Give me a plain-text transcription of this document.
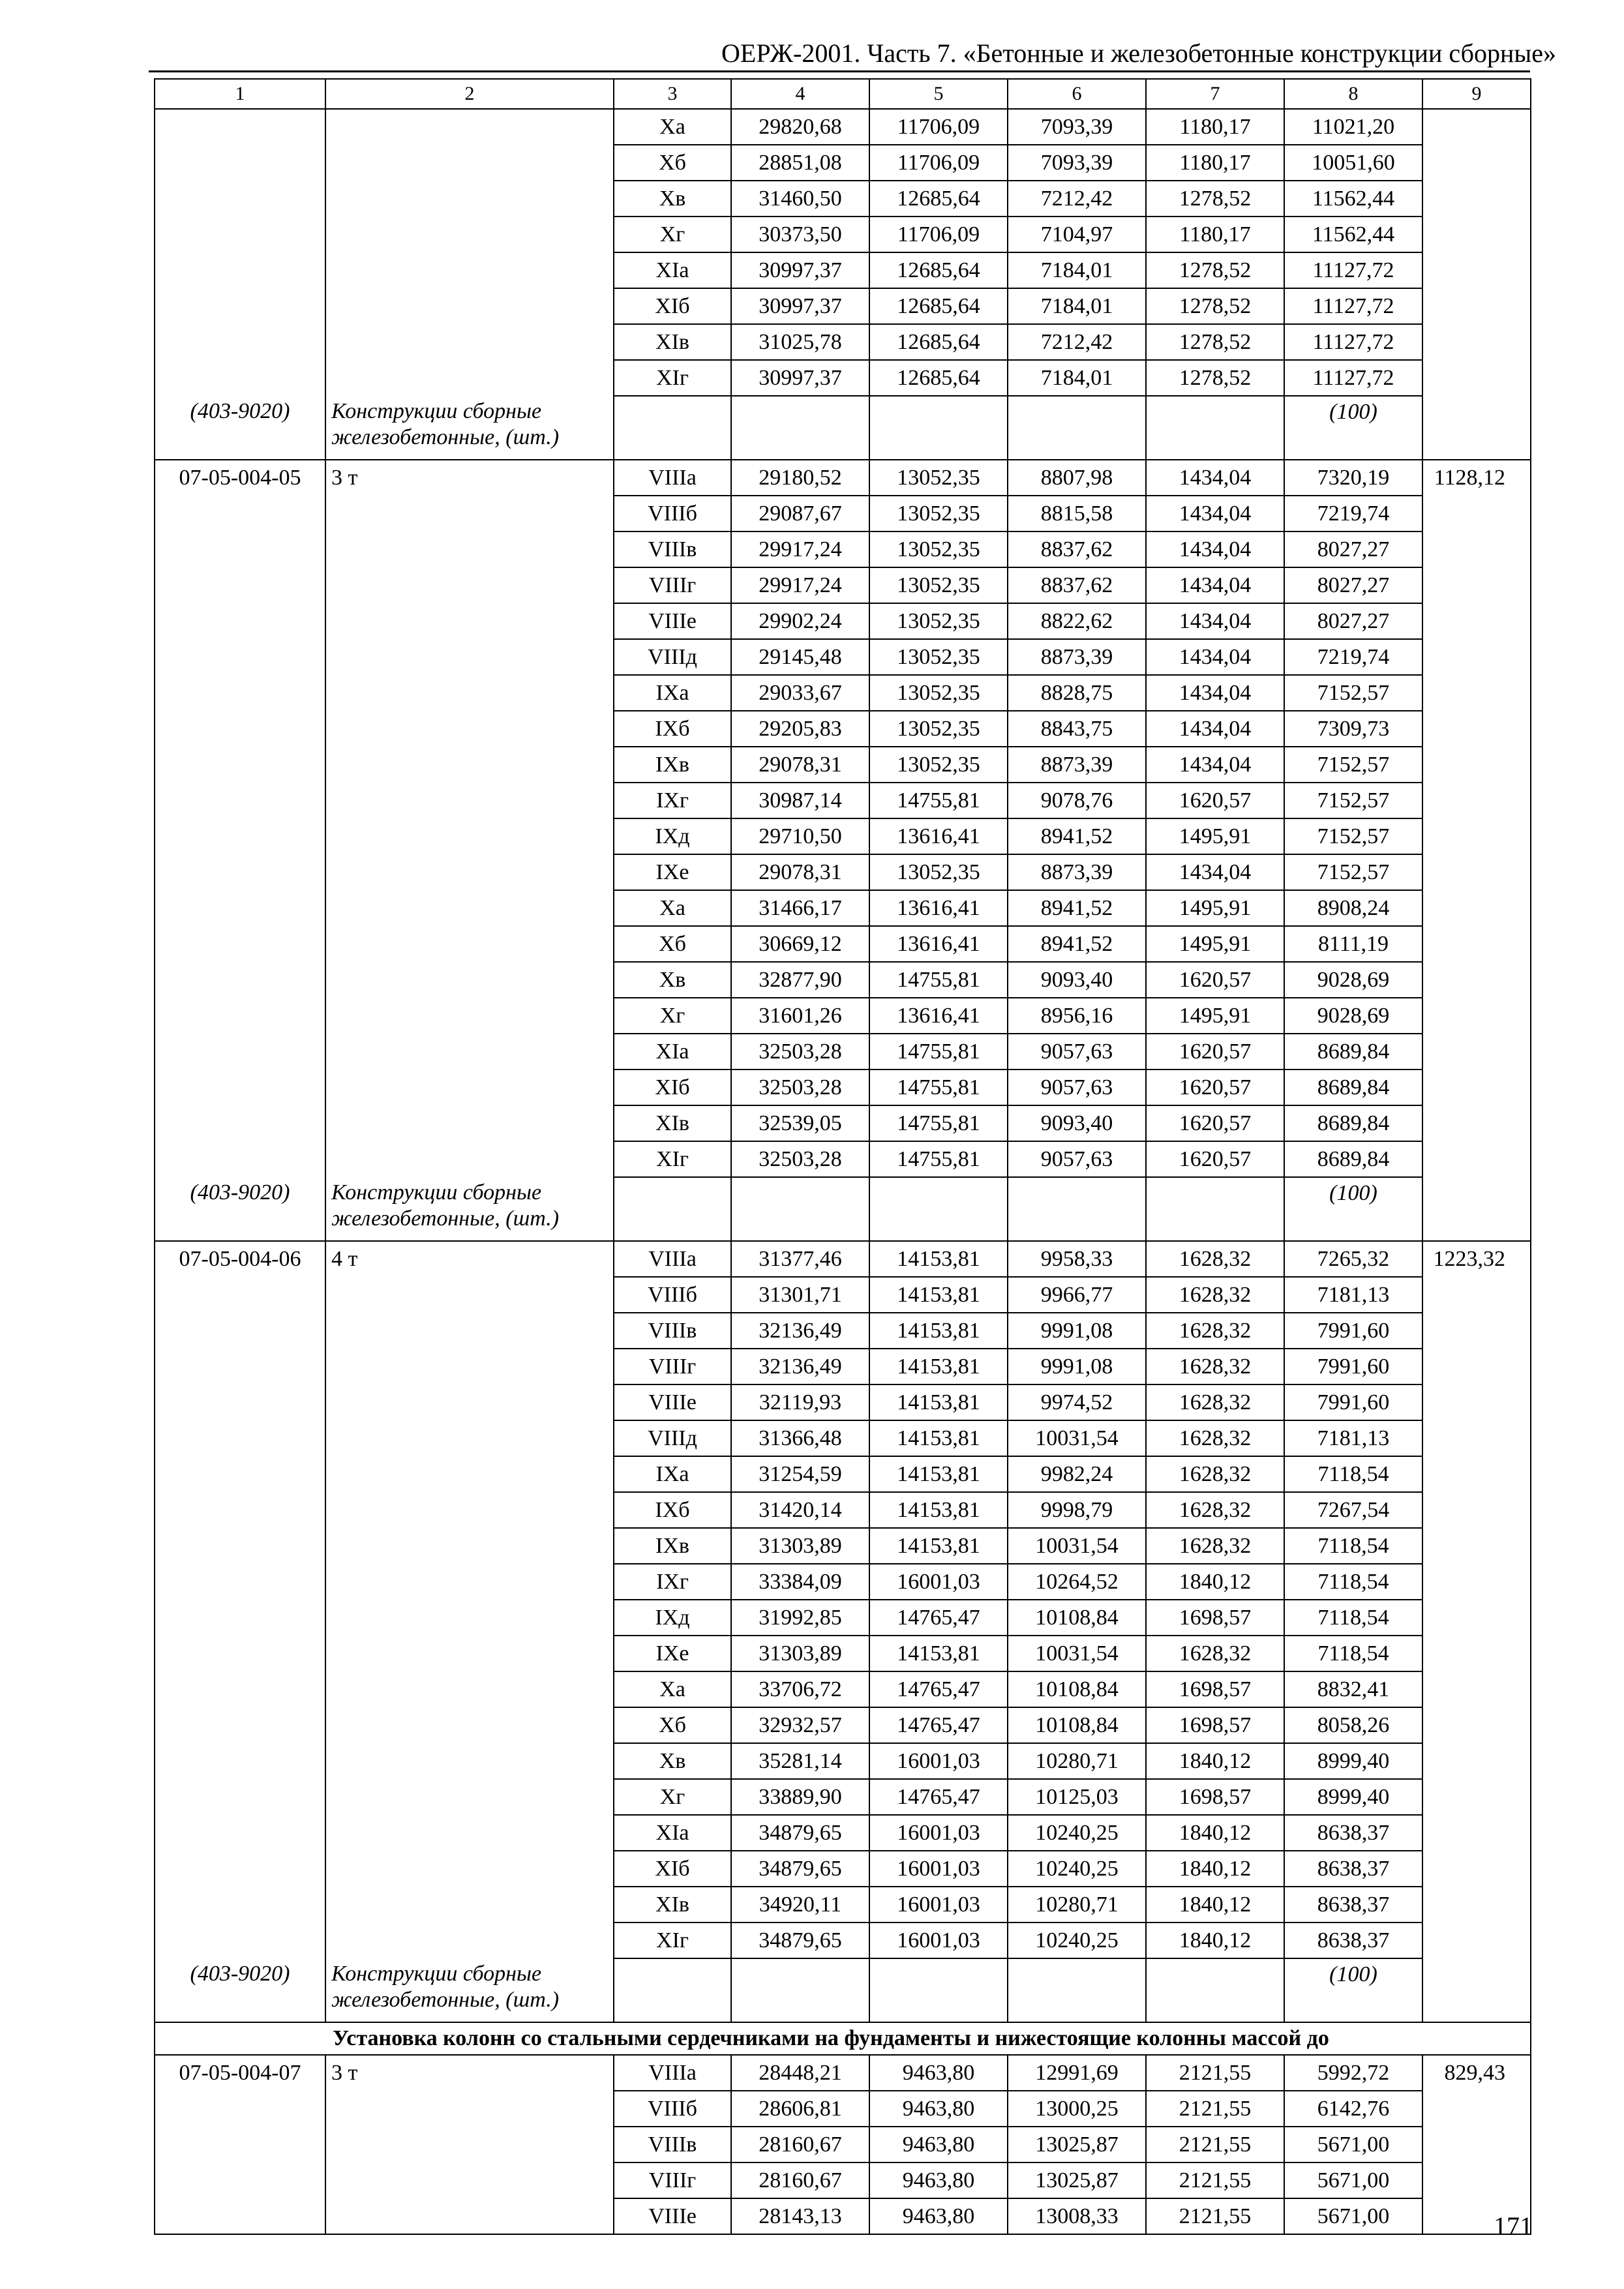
ОЕРЖ-2001. Часть 7. «Бетонные и железобетонные конструкции сборные»
1	2	3	4	5	6	7	8	9
		Xa	29820,68	11706,09	7093,39	1180,17	11021,20	
		Xб	28851,08	11706,09	7093,39	1180,17	10051,60	
		Xв	31460,50	12685,64	7212,42	1278,52	11562,44	
		Xг	30373,50	11706,09	7104,97	1180,17	11562,44	
		XIa	30997,37	12685,64	7184,01	1278,52	11127,72	
		XIб	30997,37	12685,64	7184,01	1278,52	11127,72	
		XIв	31025,78	12685,64	7212,42	1278,52	11127,72	
		XIг	30997,37	12685,64	7184,01	1278,52	11127,72	
(403-9020)	Конструкции сборные железобетонные, (шт.)						(100)	
07-05-004-05	3 т	VIIIa	29180,52	13052,35	8807,98	1434,04	7320,19	1128,12
		VIIIб	29087,67	13052,35	8815,58	1434,04	7219,74	
		VIIIв	29917,24	13052,35	8837,62	1434,04	8027,27	
		VIIIг	29917,24	13052,35	8837,62	1434,04	8027,27	
		VIIIe	29902,24	13052,35	8822,62	1434,04	8027,27	
		VIIIд	29145,48	13052,35	8873,39	1434,04	7219,74	
		IXa	29033,67	13052,35	8828,75	1434,04	7152,57	
		IXб	29205,83	13052,35	8843,75	1434,04	7309,73	
		IXв	29078,31	13052,35	8873,39	1434,04	7152,57	
		IXг	30987,14	14755,81	9078,76	1620,57	7152,57	
		IXд	29710,50	13616,41	8941,52	1495,91	7152,57	
		IXe	29078,31	13052,35	8873,39	1434,04	7152,57	
		Xa	31466,17	13616,41	8941,52	1495,91	8908,24	
		Xб	30669,12	13616,41	8941,52	1495,91	8111,19	
		Xв	32877,90	14755,81	9093,40	1620,57	9028,69	
		Xг	31601,26	13616,41	8956,16	1495,91	9028,69	
		XIa	32503,28	14755,81	9057,63	1620,57	8689,84	
		XIб	32503,28	14755,81	9057,63	1620,57	8689,84	
		XIв	32539,05	14755,81	9093,40	1620,57	8689,84	
		XIг	32503,28	14755,81	9057,63	1620,57	8689,84	
(403-9020)	Конструкции сборные железобетонные, (шт.)						(100)	
07-05-004-06	4 т	VIIIa	31377,46	14153,81	9958,33	1628,32	7265,32	1223,32
		VIIIб	31301,71	14153,81	9966,77	1628,32	7181,13	
		VIIIв	32136,49	14153,81	9991,08	1628,32	7991,60	
		VIIIг	32136,49	14153,81	9991,08	1628,32	7991,60	
		VIIIe	32119,93	14153,81	9974,52	1628,32	7991,60	
		VIIIд	31366,48	14153,81	10031,54	1628,32	7181,13	
		IXa	31254,59	14153,81	9982,24	1628,32	7118,54	
		IXб	31420,14	14153,81	9998,79	1628,32	7267,54	
		IXв	31303,89	14153,81	10031,54	1628,32	7118,54	
		IXг	33384,09	16001,03	10264,52	1840,12	7118,54	
		IXд	31992,85	14765,47	10108,84	1698,57	7118,54	
		IXe	31303,89	14153,81	10031,54	1628,32	7118,54	
		Xa	33706,72	14765,47	10108,84	1698,57	8832,41	
		Xб	32932,57	14765,47	10108,84	1698,57	8058,26	
		Xв	35281,14	16001,03	10280,71	1840,12	8999,40	
		Xг	33889,90	14765,47	10125,03	1698,57	8999,40	
		XIa	34879,65	16001,03	10240,25	1840,12	8638,37	
		XIб	34879,65	16001,03	10240,25	1840,12	8638,37	
		XIв	34920,11	16001,03	10280,71	1840,12	8638,37	
		XIг	34879,65	16001,03	10240,25	1840,12	8638,37	
(403-9020)	Конструкции сборные железобетонные, (шт.)						(100)	
Установка колонн со стальными сердечниками на фундаменты и нижестоящие колонны массой до								
07-05-004-07	3 т	VIIIa	28448,21	9463,80	12991,69	2121,55	5992,72	829,43
		VIIIб	28606,81	9463,80	13000,25	2121,55	6142,76	
		VIIIв	28160,67	9463,80	13025,87	2121,55	5671,00	
		VIIIг	28160,67	9463,80	13025,87	2121,55	5671,00	
		VIIIe	28143,13	9463,80	13008,33	2121,55	5671,00		171
